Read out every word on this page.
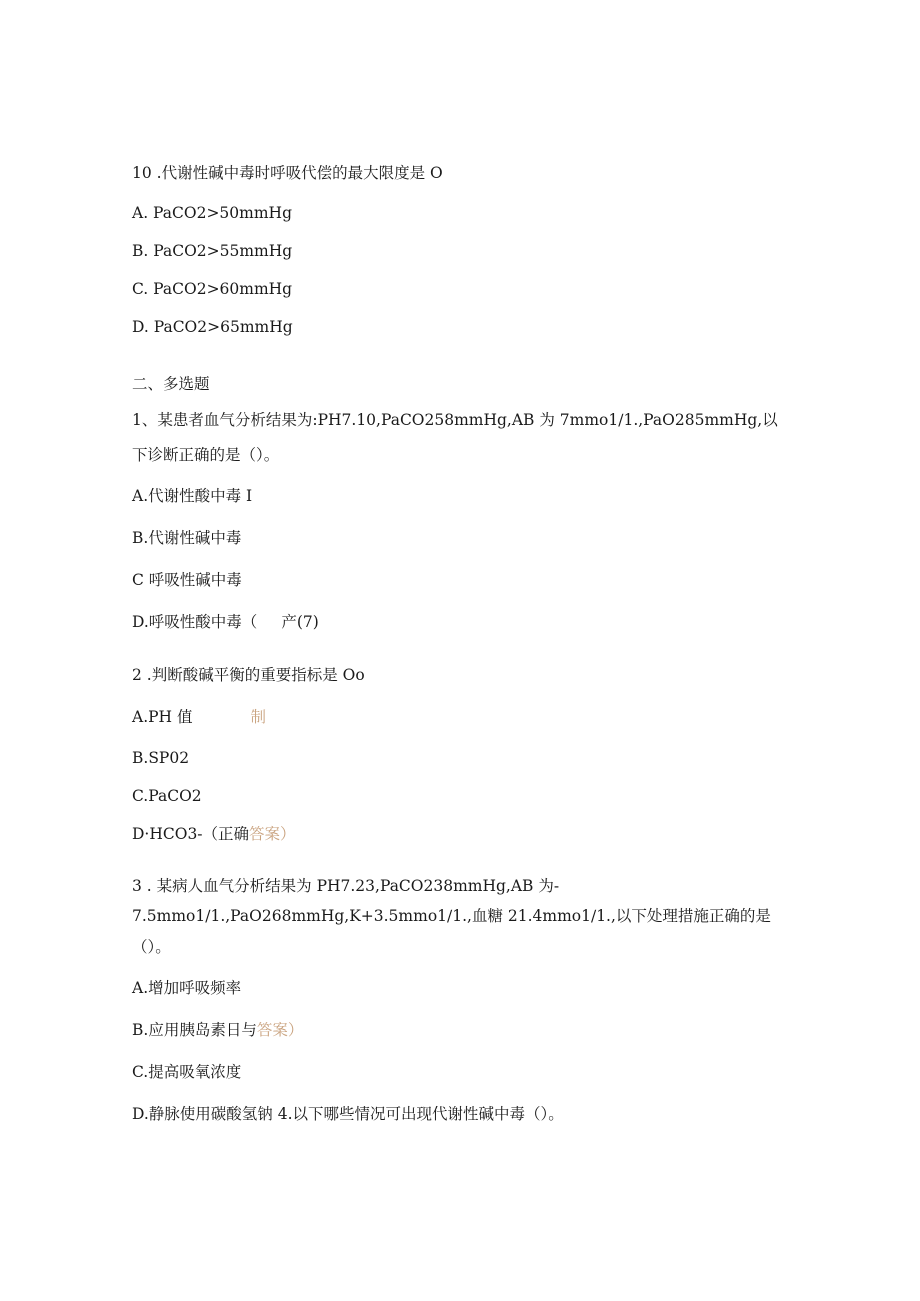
10 .代谢性碱中毒时呼吸代偿的最大限度是 O
A. PaCO2>50mmHg
B. PaCO2>55mmHg
C. PaCO2>60mmHg
D. PaCO2>65mmHg
二、多选题
1、某患者血气分析结果为:PH7.10,PaCO258mmHg,AB 为 7mmo1∕1.,PaO285mmHg,以
下诊断正确的是（）。
A.代谢性酸中毒 I
B.代谢性碱中毒
C 呼吸性碱中毒
D.呼吸性酸中毒（ 产(7)
2 .判断酸碱平衡的重要指标是 Oo
A.PH 值	制
B.SP02
C.PaCO2
D·HCO3-（正确答案）
3 . 某病人血气分析结果为 PH7.23,PaCO238mmHg,AB 为-
7.5mmo1∕1.,PaO268mmHg,K+3.5mmo1∕1.,血糖 21.4mmo1∕1.,以下处理措施正确的是
（）。
A.增加呼吸频率
B.应用胰岛素日与答案）
C.提高吸氧浓度
D.静脉使用碳酸氢钠 4.以下哪些情况可出现代谢性碱中毒（）。
